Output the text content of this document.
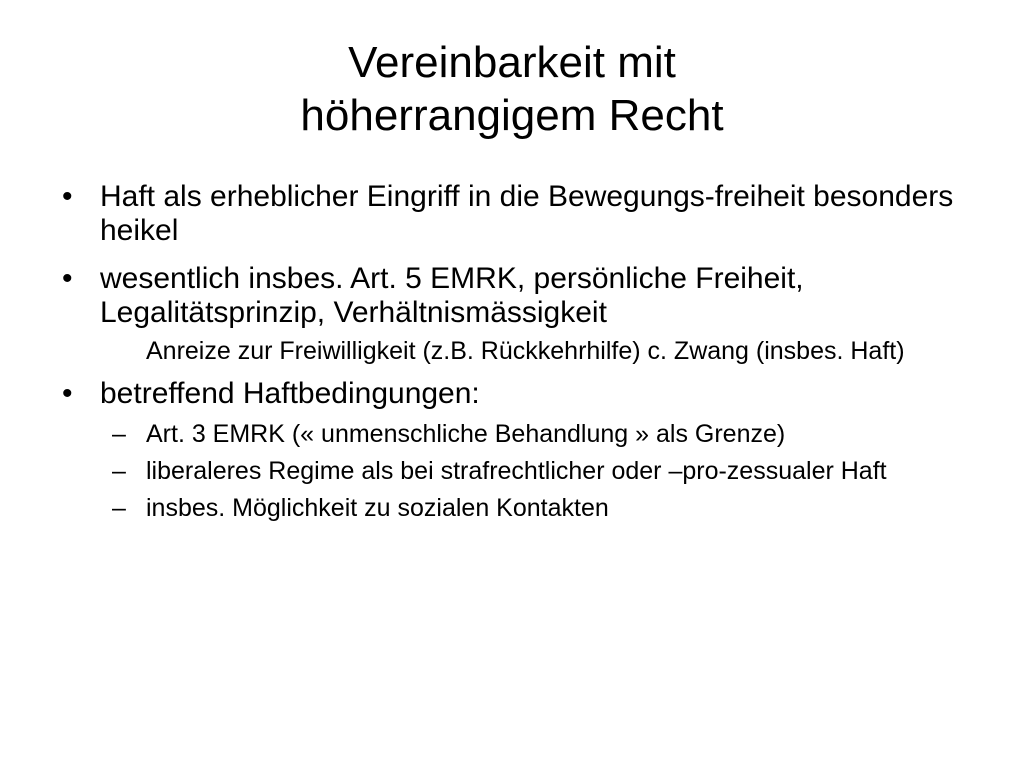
Vereinbarkeit mit
höherrangigem Recht
• Haft als erheblicher Eingriff in die Bewegungs-freiheit besonders heikel
• wesentlich insbes. Art. 5 EMRK, persönliche Freiheit, Legalitätsprinzip, Verhältnismässigkeit
Anreize zur Freiwilligkeit (z.B. Rückkehrhilfe) c. Zwang (insbes. Haft)
• betreffend Haftbedingungen:
– Art. 3 EMRK (« unmenschliche Behandlung » als Grenze)
– liberaleres Regime als bei strafrechtlicher oder –pro-zessualer Haft
– insbes. Möglichkeit zu sozialen Kontakten
